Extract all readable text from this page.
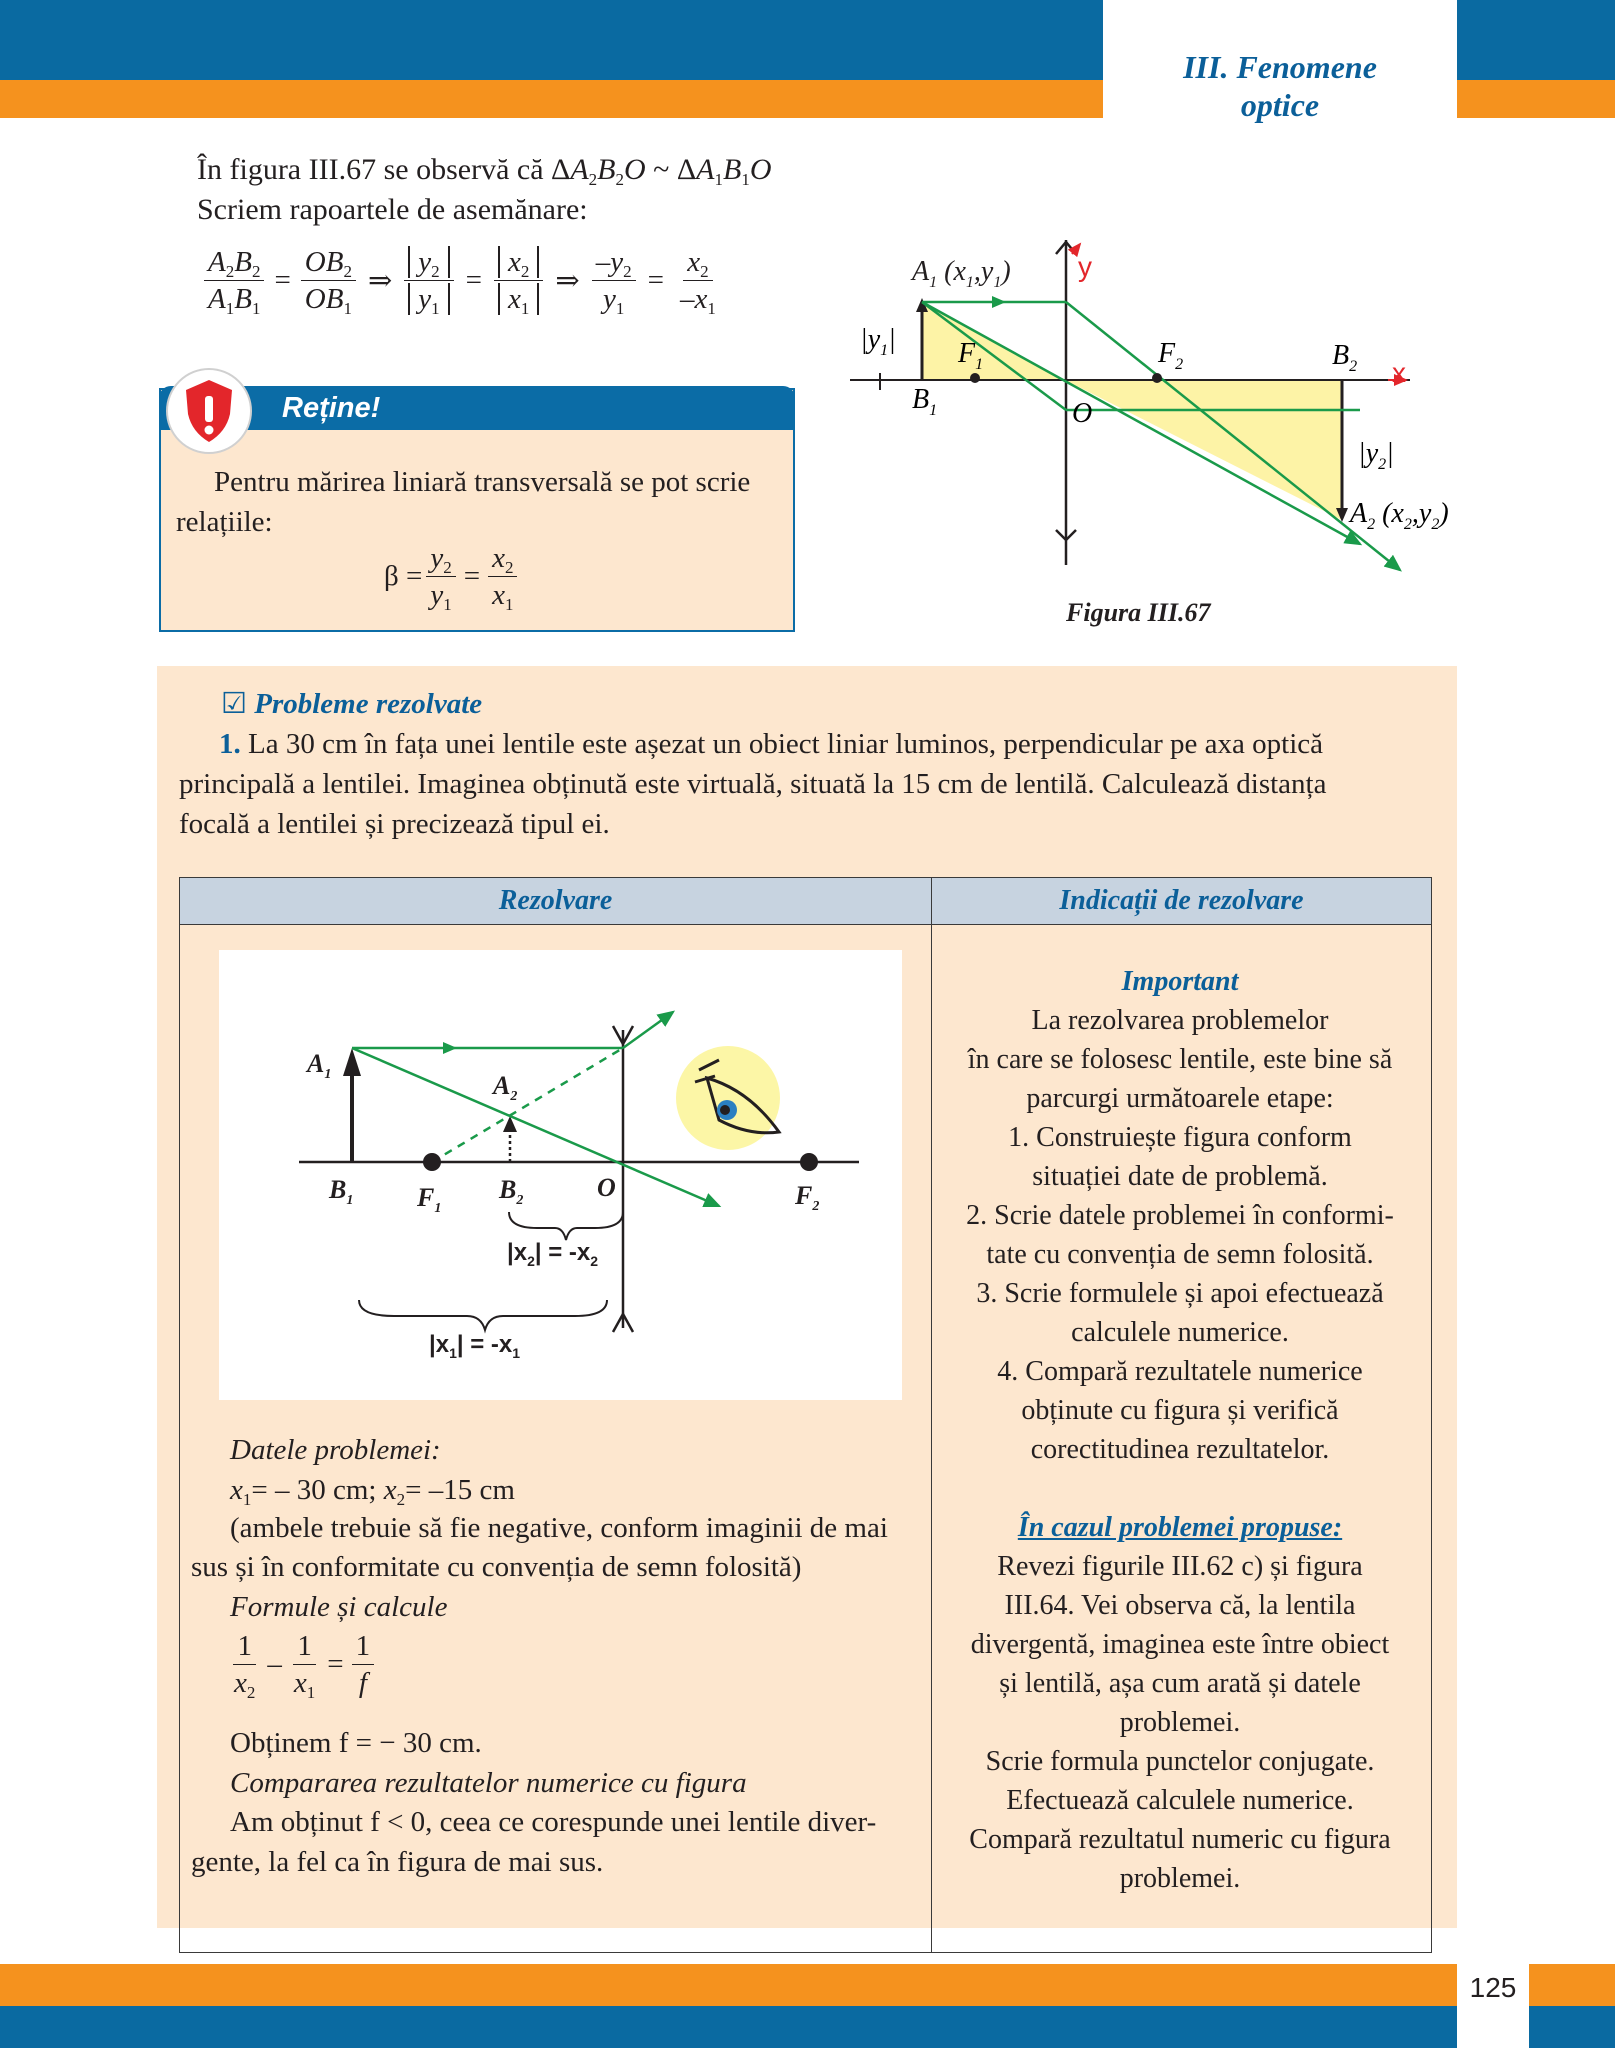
III. Fenomene
optice
În figura III.67 se observă că $\Delta A_2B_2O$ ~ $\Delta A_1B_1O$
Scriem rapoartele de asemănare:
$\frac{A_2B_2}{A_1B_1} = \frac{OB_2}{OB_1}$ ⇒ $\frac{y_2}{y_1} = \frac{x_2}{x_1}$ ⇒ $\frac{-y_2}{y_1} = \frac{x_2}{-x_1}$
Reține!
Pentru mărirea liniară transversală se pot scrie
relațiile:
$\beta = \frac{y_2}{y_1} = \frac{x_2}{x_1}$
$A_1$ $(x_1,y_1)$ y
x
$F_1$	$F_2$	$B_2$
$B_1$	O
$A_2$ $(x_2,y_2)$
$|y_1|$
$|y_2|$
Figura III.67
☑ Probleme rezolvate
1. La 30 cm în fața unei lentile este așezat un obiect liniar luminos, perpendicular pe axa optică
principală a lentilei. Imaginea obținută este virtuală, situată la 15 cm de lentilă. Calculează distanța
focală a lentilei și precizează tipul ei.
Rezolvare	Indicații de rezolvare

$A_1$	$A_2$
$B_1$ $F_1$
$B_2$	O	$F_2$
$|x_2| = -x_2$
$|x_1| = -x_1$
Datele problemei:
$x_1= - 30$ cm; $x_2= -15$ cm
(ambele trebuie să fie negative, conform imaginii de mai
sus și în conformitate cu convenția de semn folosită)
Formule și calcule
$\frac{1}{x_2} - \frac{1}{x_1} = \frac{1}{f}$
Obținem f = − 30 cm.
Compararea rezultatelor numerice cu figura
Am obținut f < 0, ceea ce corespunde unei lentile diver-
gente, la fel ca în figura de mai sus.
Important
La rezolvarea problemelor
în care se folosesc lentile, este bine să
parcurgi următoarele etape:
1. Construiește figura conform
situației date de problemă.
2. Scrie datele problemei în conformi-
tate cu convenția de semn folosită.
3. Scrie formulele și apoi efectuează
calculele numerice.
4. Compară rezultatele numerice
obținute cu figura și verifică
corectitudinea rezultatelor.
În cazul problemei propuse:
Revezi figurile III.62 c) și figura
III.64. Vei observa că, la lentila
divergentă, imaginea este între obiect
și lentilă, așa cum arată și datele
problemei.
Scrie formula punctelor conjugate.
Efectuează calculele numerice.
Compară rezultatul numeric cu figura
problemei.
125
